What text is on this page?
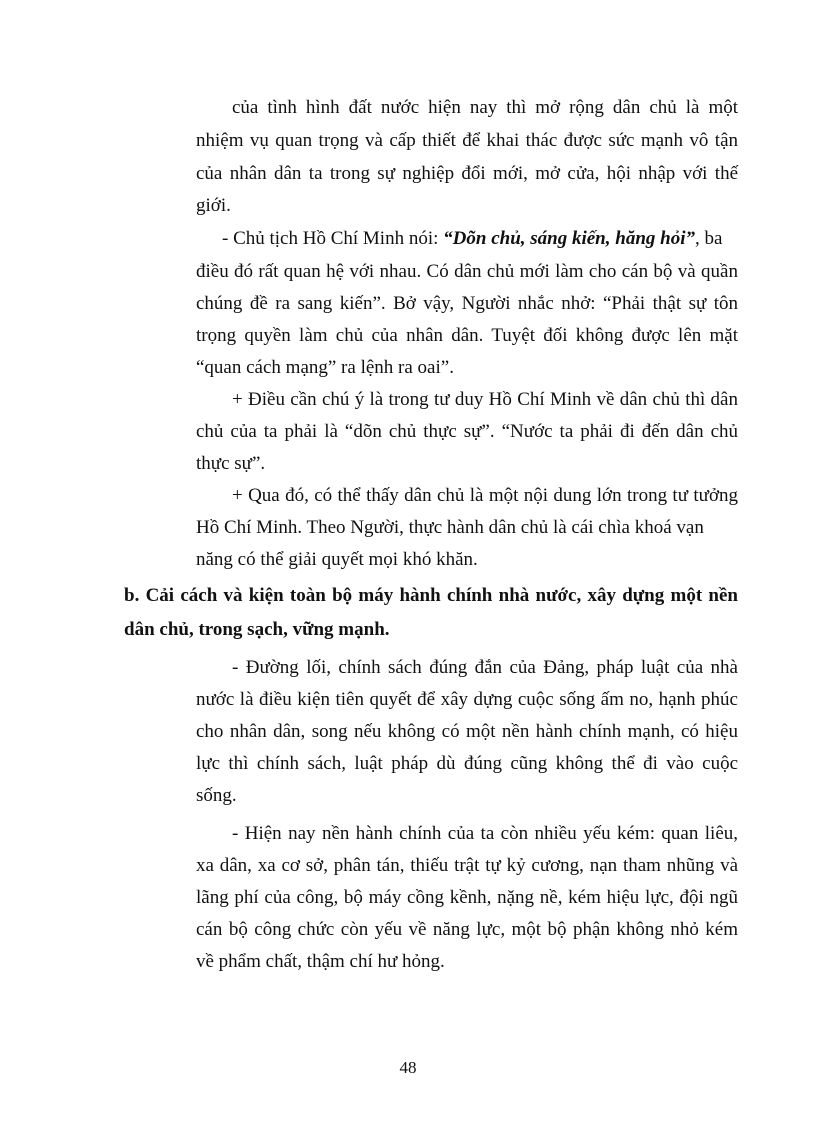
của tình hình đất nước hiện nay thì mở rộng dân chủ là một
nhiệm vụ quan trọng và cấp thiết để khai thác được sức mạnh vô tận
của nhân dân ta trong sự nghiệp đổi mới, mở cửa, hội nhập với thế
giới.
- Chủ tịch Hồ Chí Minh nói: “Dõn chủ, sáng kiến, hăng hỏi”, ba
điều đó rất quan hệ với nhau. Có dân chủ mới làm cho cán bộ và quần
chúng đề ra sang kiến”. Bở vậy, Người nhắc nhở: “Phải thật sự tôn
trọng quyền làm chủ của nhân dân. Tuyệt đối không được lên mặt
“quan cách mạng” ra lệnh ra oai”.
+ Điều cần chú ý là trong tư duy Hồ Chí Minh về dân chủ thì dân
chủ của ta phải là “dõn chủ thực sự”. “Nước ta phải đi đến dân chủ
thực sự”.
+ Qua đó, có thể thấy dân chủ là một nội dung lớn trong tư tưởng
Hồ Chí Minh. Theo Người, thực hành dân chủ là cái chìa khoá vạn
năng có thể giải quyết mọi khó khăn.
b. Cải cách và kiện toàn bộ máy hành chính nhà nước, xây dựng một nền
dân chủ, trong sạch, vững mạnh.
- Đường lối, chính sách đúng đắn của Đảng, pháp luật của nhà
nước là điều kiện tiên quyết để xây dựng cuộc sống ấm no, hạnh phúc
cho nhân dân, song nếu không có một nền hành chính mạnh, có hiệu
lực thì chính sách, luật pháp dù đúng cũng không thể đi vào cuộc
sống.
- Hiện nay nền hành chính của ta còn nhiều yếu kém: quan liêu,
xa dân, xa cơ sở, phân tán, thiếu trật tự kỷ cương, nạn tham nhũng và
lãng phí của công, bộ máy cồng kềnh, nặng nề, kém hiệu lực, đội ngũ
cán bộ công chức còn yếu về năng lực, một bộ phận không nhỏ kém
về phẩm chất, thậm chí hư hỏng.
48
